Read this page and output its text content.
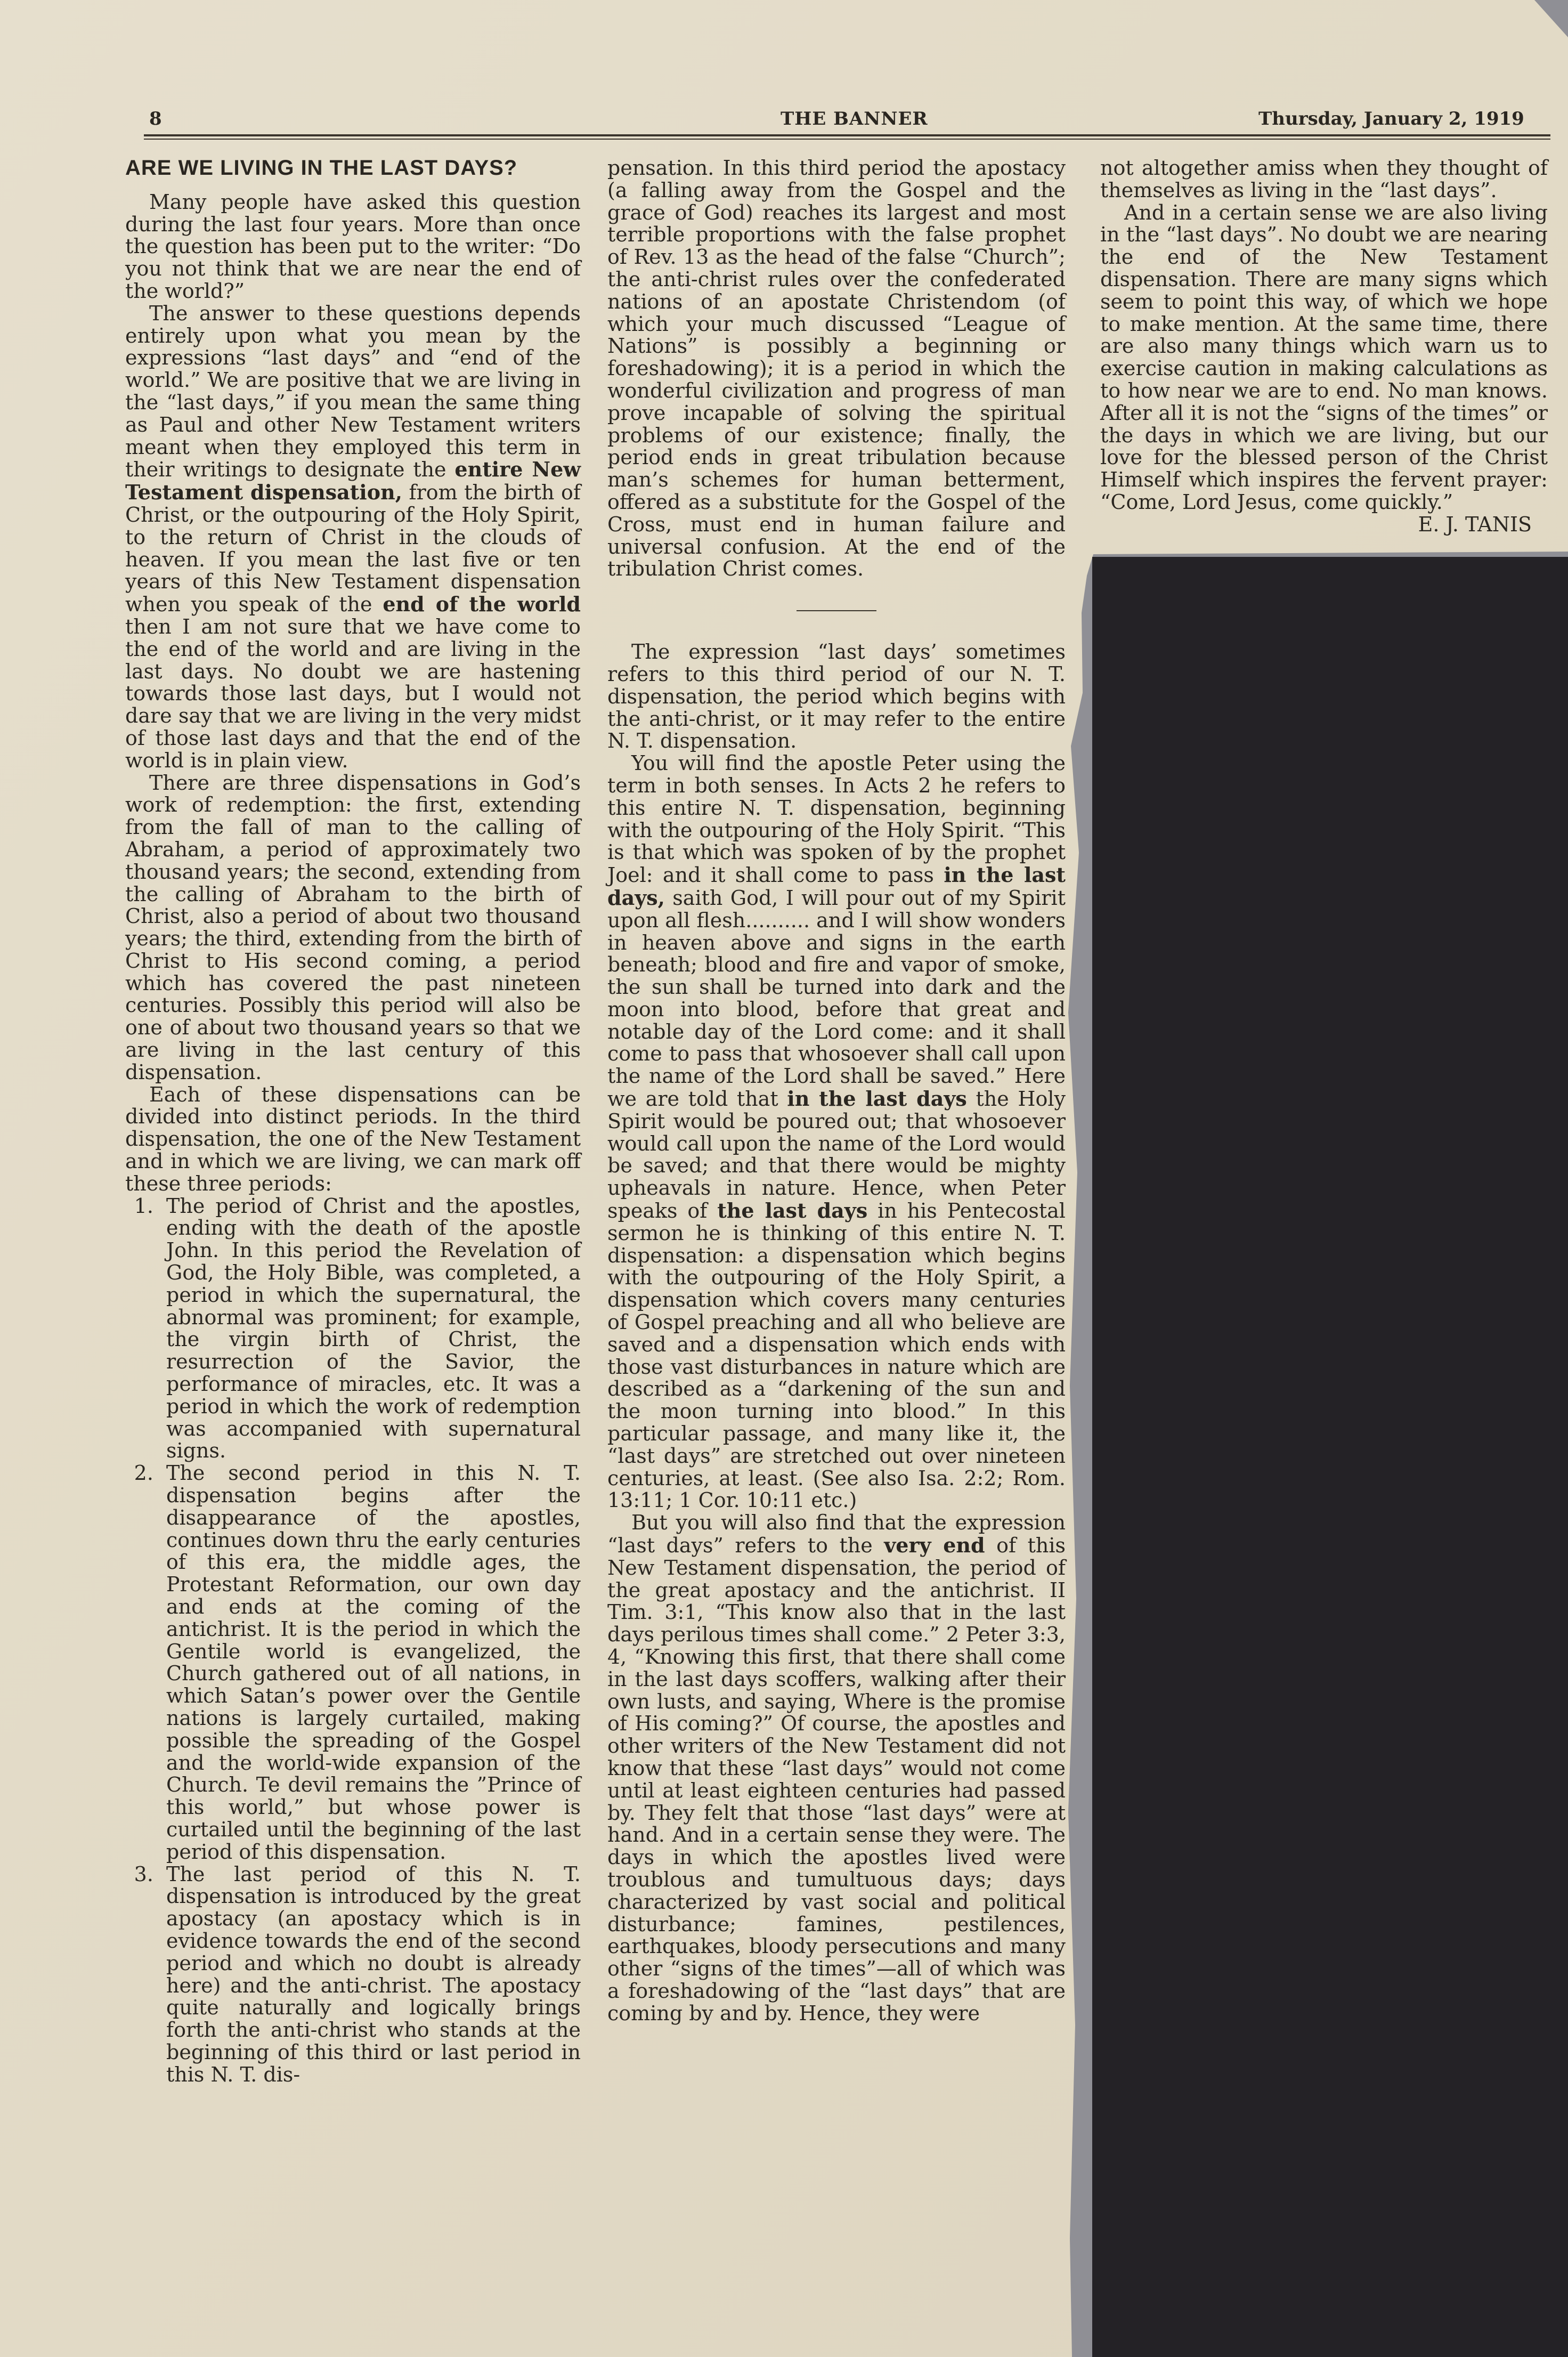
8	THE BANNER	Thursday, January 2, 1919

ARE WE LIVING IN THE LAST DAYS?

Many people have asked this question during the last four years. More than once the question has been put to the writer: “Do you not think that we are near the end of the world?”

The answer to these questions depends entirely upon what you mean by the expressions “last days” and “end of the world.” We are positive that we are living in the “last days,” if you mean the same thing as Paul and other New Testament writers meant when they employed this term in their writings to designate the entire New Testament dispensation, from the birth of Christ, or the outpouring of the Holy Spirit, to the return of Christ in the clouds of heaven. If you mean the last five or ten years of this New Testament dispensation when you speak of the end of the world then I am not sure that we have come to the end of the world and are living in the last days. No doubt we are hastening towards those last days, but I would not dare say that we are living in the very midst of those last days and that the end of the world is in plain view.

There are three dispensations in God’s work of redemption: the first, extending from the fall of man to the calling of Abraham, a period of approximately two thousand years; the second, extending from the calling of Abraham to the birth of Christ, also a period of about two thousand years; the third, extending from the birth of Christ to His second coming, a period which has covered the past nineteen centuries. Possibly this period will also be one of about two thousand years so that we are living in the last century of this dispensation.

Each of these dispensations can be divided into distinct periods. In the third dispensation, the one of the New Testament and in which we are living, we can mark off these three periods:

1. The period of Christ and the apostles, ending with the death of the apostle John. In this period the Revelation of God, the Holy Bible, was completed, a period in which the supernatural, the abnormal was prominent; for example, the virgin birth of Christ, the resurrection of the Savior, the performance of miracles, etc. It was a period in which the work of redemption was accompanied with supernatural signs.
2. The second period in this N. T. dispensation begins after the disappearance of the apostles, continues down thru the early centuries of this era, the middle ages, the Protestant Reformation, our own day and ends at the coming of the antichrist. It is the period in which the Gentile world is evangelized, the Church gathered out of all nations, in which Satan’s power over the Gentile nations is largely curtailed, making possible the spreading of the Gospel and the world-wide expansion of the Church. Te devil remains the ”Prince of this world,” but whose power is curtailed until the beginning of the last period of this dispensation.
3. The last period of this N. T. dispensation is introduced by the great apostacy (an apostacy which is in evidence towards the end of the second period and which no doubt is already here) and the anti-christ. The apostacy quite naturally and logically brings forth the anti-christ who stands at the beginning of this third or last period in this N. T. dis-

pensation. In this third period the apostacy (a falling away from the Gospel and the grace of God) reaches its largest and most terrible proportions with the false prophet of Rev. 13 as the head of the false “Church”; the anti-christ rules over the confederated nations of an apostate Christendom (of which your much discussed “League of Nations” is possibly a beginning or foreshadowing); it is a period in which the wonderful civilization and progress of man prove incapable of solving the spiritual problems of our existence; finally, the period ends in great tribulation because man’s schemes for human betterment, offered as a substitute for the Gospel of the Cross, must end in human failure and universal confusion. At the end of the tribulation Christ comes.

The expression “last days’ sometimes refers to this third period of our N. T. dispensation, the period which begins with the anti-christ, or it may refer to the entire N. T. dispensation.

You will find the apostle Peter using the term in both senses. In Acts 2 he refers to this entire N. T. dispensation, beginning with the outpouring of the Holy Spirit. “This is that which was spoken of by the prophet Joel: and it shall come to pass in the last days, saith God, I will pour out of my Spirit upon all flesh.......... and I will show wonders in heaven above and signs in the earth beneath; blood and fire and vapor of smoke, the sun shall be turned into dark and the moon into blood, before that great and notable day of the Lord come: and it shall come to pass that whosoever shall call upon the name of the Lord shall be saved.” Here we are told that in the last days the Holy Spirit would be poured out; that whosoever would call upon the name of the Lord would be saved; and that there would be mighty upheavals in nature. Hence, when Peter speaks of the last days in his Pentecostal sermon he is thinking of this entire N. T. dispensation: a dispensation which begins with the outpouring of the Holy Spirit, a dispensation which covers many centuries of Gospel preaching and all who believe are saved and a dispensation which ends with those vast disturbances in nature which are described as a “darkening of the sun and the moon turning into blood.” In this particular passage, and many like it, the “last days” are stretched out over nineteen centuries, at least. (See also Isa. 2:2; Rom. 13:11; 1 Cor. 10:11 etc.)

But you will also find that the expression “last days” refers to the very end of this New Testament dispensation, the period of the great apostacy and the antichrist. II Tim. 3:1, “This know also that in the last days perilous times shall come.” 2 Peter 3:3, 4, “Knowing this first, that there shall come in the last days scoffers, walking after their own lusts, and saying, Where is the promise of His coming?” Of course, the apostles and other writers of the New Testament did not know that these “last days” would not come until at least eighteen centuries had passed by. They felt that those “last days” were at hand. And in a certain sense they were. The days in which the apostles lived were troublous and tumultuous days; days characterized by vast social and political disturbance; famines, pestilences, earthquakes, bloody persecutions and many other “signs of the times”—all of which was a foreshadowing of the “last days” that are coming by and by. Hence, they were

not altogether amiss when they thought of themselves as living in the “last days”.

And in a certain sense we are also living in the “last days”. No doubt we are nearing the end of the New Testament dispensation. There are many signs which seem to point this way, of which we hope to make mention. At the same time, there are also many things which warn us to exercise caution in making calculations as to how near we are to end. No man knows. After all it is not the “signs of the times” or the days in which we are living, but our love for the blessed person of the Christ Himself which inspires the fervent prayer: “Come, Lord Jesus, come quickly.”

E. J. TANIS
